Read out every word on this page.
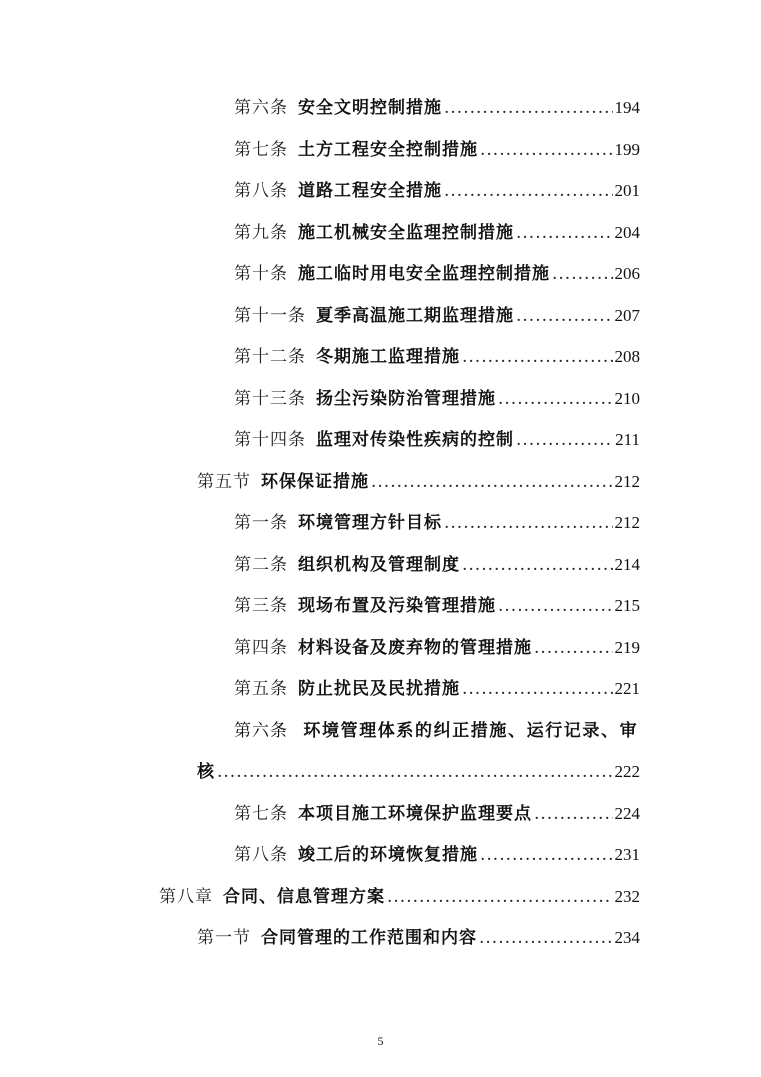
第六条 安全文明控制措施 .....	194
第七条 土方工程安全控制措施 .....	199
第八条 道路工程安全措施 .....	201
第九条 施工机械安全监理控制措施 .....	204
第十条 施工临时用电安全监理控制措施 .....	206
第十一条 夏季高温施工期监理措施 .....	207
第十二条 冬期施工监理措施 .....	208
第十三条 扬尘污染防治管理措施 .....	210
第十四条 监理对传染性疾病的控制 .....	211
第五节 环保保证措施 .....	212
第一条 环境管理方针目标 .....	212
第二条 组织机构及管理制度 .....	214
第三条 现场布置及污染管理措施 .....	215
第四条 材料设备及废弃物的管理措施 .....	219
第五条 防止扰民及民扰措施 .....	221
第六条 环境管理体系的纠正措施、运行记录、审
核 .....	222
第七条 本项目施工环境保护监理要点 .....	224
第八条 竣工后的环境恢复措施 .....	231
第八章 合同、信息管理方案 .....	232
第一节 合同管理的工作范围和内容 .....	234
5
